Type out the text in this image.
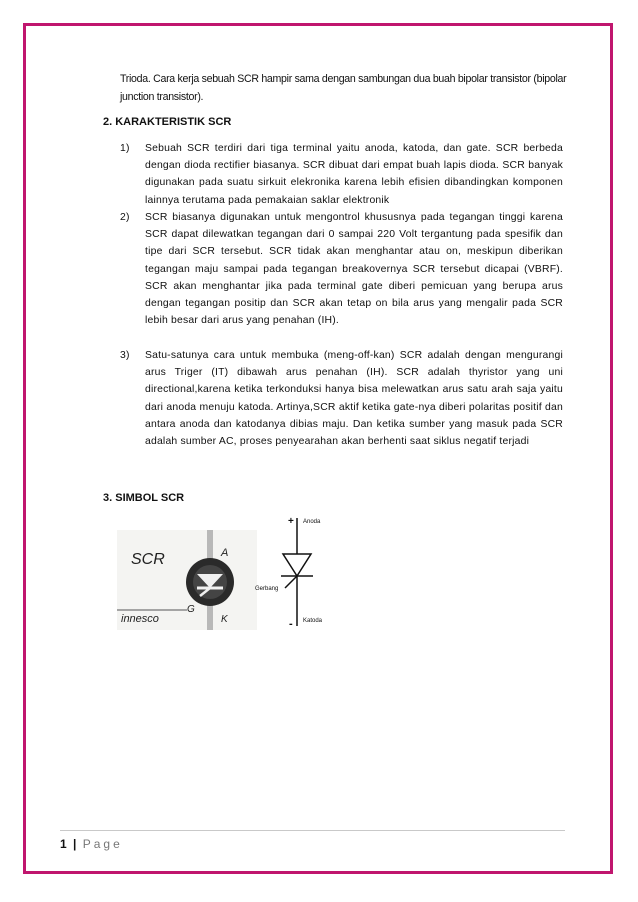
Trioda. Cara kerja sebuah SCR hampir sama dengan sambungan dua buah bipolar transistor (bipolar junction transistor).
2. KARAKTERISTIK SCR
1) Sebuah SCR terdiri dari tiga terminal yaitu anoda, katoda, dan gate. SCR berbeda dengan dioda rectifier biasanya. SCR dibuat dari empat buah lapis dioda. SCR banyak digunakan pada suatu sirkuit elekronika karena lebih efisien dibandingkan komponen lainnya terutama pada pemakaian saklar elektronik
2) SCR biasanya digunakan untuk mengontrol khususnya pada tegangan tinggi karena SCR dapat dilewatkan tegangan dari 0 sampai 220 Volt tergantung pada spesifik dan tipe dari SCR tersebut. SCR tidak akan menghantar atau on, meskipun diberikan tegangan maju sampai pada tegangan breakovernya SCR tersebut dicapai (VBRF). SCR akan menghantar jika pada terminal gate diberi pemicuan yang berupa arus dengan tegangan positip dan SCR akan tetap on bila arus yang mengalir pada SCR lebih besar dari arus yang penahan (IH).
3) Satu-satunya cara untuk membuka (meng-off-kan) SCR adalah dengan mengurangi arus Triger (IT) dibawah arus penahan (IH). SCR adalah thyristor yang uni directional,karena ketika terkonduksi hanya bisa melewatkan arus satu arah saja yaitu dari anoda menuju katoda. Artinya,SCR aktif ketika gate-nya diberi polaritas positif dan antara anoda dan katodanya dibias maju. Dan ketika sumber yang masuk pada SCR adalah sumber AC, proses penyearahan akan berhenti saat siklus negatif terjadi
3. SIMBOL SCR
SCR	A
G
K
innesco
+ Anoda
Gerbang
- Katoda
1 | Page
